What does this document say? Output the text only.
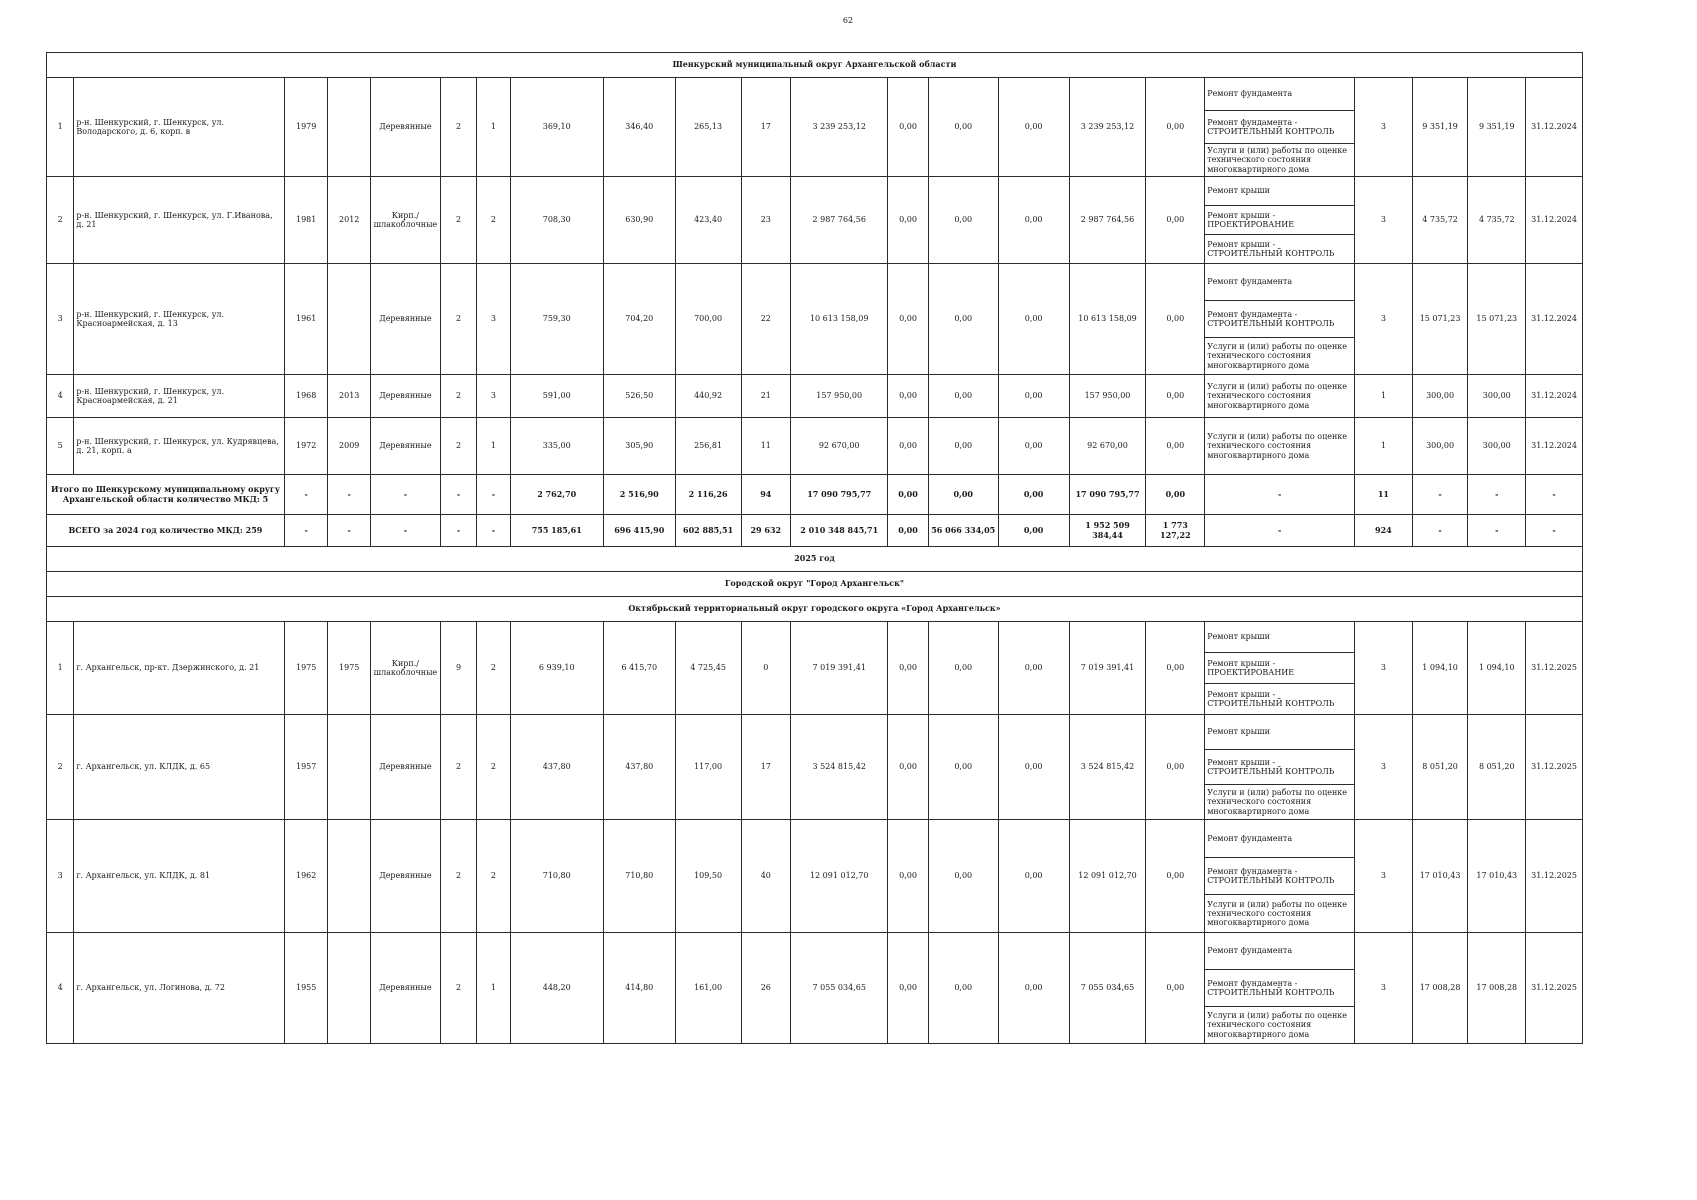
62
Шенкурский муниципальный округ Архангельской области																					
1	р-н. Шенкурский, г. Шенкурск, ул. Володарского, д. 6, корп. в	1979		Деревянные	2	1	369,10	346,40	265,13	17	3 239 253,12	0,00	0,00	0,00	3 239 253,12	0,00	Ремонт фундамента
Ремонт фундамента - СТРОИТЕЛЬНЫЙ КОНТРОЛЬ
Услуги и (или) работы по оценке технического состояния многоквартирного дома	3	9 351,19	9 351,19	31.12.2024
2	р-н. Шенкурский, г. Шенкурск, ул. Г.Иванова, д. 21	1981	2012	Кирп./ шлакоблочные	2	2	708,30	630,90	423,40	23	2 987 764,56	0,00	0,00	0,00	2 987 764,56	0,00	Ремонт крыши
Ремонт крыши - ПРОЕКТИРОВАНИЕ
Ремонт крыши - СТРОИТЕЛЬНЫЙ КОНТРОЛЬ	3	4 735,72	4 735,72	31.12.2024
3	р-н. Шенкурский, г. Шенкурск, ул. Красноармейская, д. 13	1961		Деревянные	2	3	759,30	704,20	700,00	22	10 613 158,09	0,00	0,00	0,00	10 613 158,09	0,00	Ремонт фундамента
Ремонт фундамента - СТРОИТЕЛЬНЫЙ КОНТРОЛЬ
Услуги и (или) работы по оценке технического состояния многоквартирного дома	3	15 071,23	15 071,23	31.12.2024
4	р-н. Шенкурский, г. Шенкурск, ул. Красноармейская, д. 21	1968	2013	Деревянные	2	3	591,00	526,50	440,92	21	157 950,00	0,00	0,00	0,00	157 950,00	0,00	Услуги и (или) работы по оценке технического состояния многоквартирного дома	1	300,00	300,00	31.12.2024
5	р-н. Шенкурский, г. Шенкурск, ул. Кудрявцева, д. 21, корп. а	1972	2009	Деревянные	2	1	335,00	305,90	256,81	11	92 670,00	0,00	0,00	0,00	92 670,00	0,00	Услуги и (или) работы по оценке технического состояния многоквартирного дома	1	300,00	300,00	31.12.2024
Итого по Шенкурскому муниципальному округу Архангельской области количество МКД: 5		-	-	-	-	-	2 762,70	2 516,90	2 116,26	94	17 090 795,77	0,00	0,00	0,00	17 090 795,77	0,00	-	11	-	-	-
ВСЕГО за 2024 год количество МКД: 259		-	-	-	-	-	755 185,61	696 415,90	602 885,51	29 632	2 010 348 845,71	0,00	56 066 334,05	0,00	1 952 509 384,44	1 773 127,22	-	924	-	-	-
2025 год																					
Городской округ "Город Архангельск"																					
Октябрьский территориальный округ городского округа «Город Архангельск»																					
1	г. Архангельск, пр-кт. Дзержинского, д. 21	1975	1975	Кирп./ шлакоблочные	9	2	6 939,10	6 415,70	4 725,45	0	7 019 391,41	0,00	0,00	0,00	7 019 391,41	0,00	Ремонт крыши
Ремонт крыши - ПРОЕКТИРОВАНИЕ
Ремонт крыши - СТРОИТЕЛЬНЫЙ КОНТРОЛЬ	3	1 094,10	1 094,10	31.12.2025
2	г. Архангельск, ул. КЛДК, д. 65	1957		Деревянные	2	2	437,80	437,80	117,00	17	3 524 815,42	0,00	0,00	0,00	3 524 815,42	0,00	Ремонт крыши
Ремонт крыши - СТРОИТЕЛЬНЫЙ КОНТРОЛЬ
Услуги и (или) работы по оценке технического состояния многоквартирного дома	3	8 051,20	8 051,20	31.12.2025
3	г. Архангельск, ул. КЛДК, д. 81	1962		Деревянные	2	2	710,80	710,80	109,50	40	12 091 012,70	0,00	0,00	0,00	12 091 012,70	0,00	Ремонт фундамента
Ремонт фундамента - СТРОИТЕЛЬНЫЙ КОНТРОЛЬ
Услуги и (или) работы по оценке технического состояния многоквартирного дома	3	17 010,43	17 010,43	31.12.2025
4	г. Архангельск, ул. Логинова, д. 72	1955		Деревянные	2	1	448,20	414,80	161,00	26	7 055 034,65	0,00	0,00	0,00	7 055 034,65	0,00	Ремонт фундамента
Ремонт фундамента - СТРОИТЕЛЬНЫЙ КОНТРОЛЬ
Услуги и (или) работы по оценке технического состояния многоквартирного дома	3	17 008,28	17 008,28	31.12.2025
